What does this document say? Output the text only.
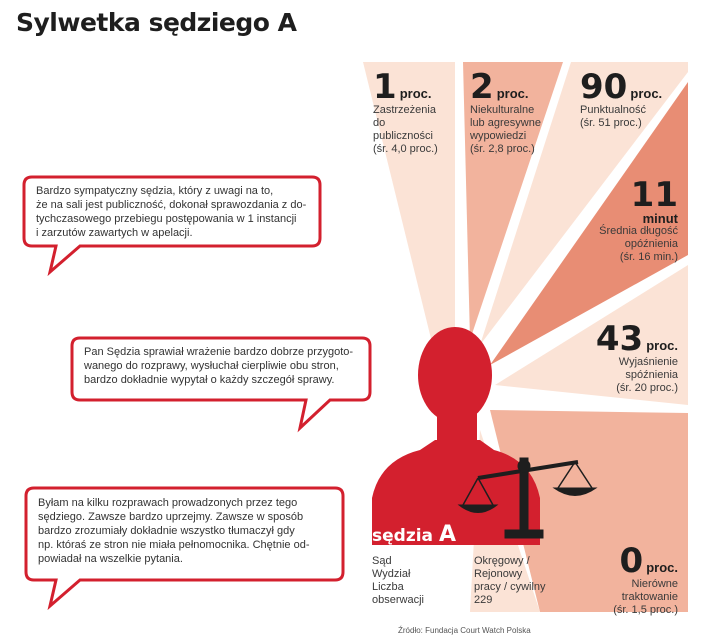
Sylwetka sędziego A
1 proc.
Zastrzeżenia
do
publiczności
(śr. 4,0 proc.)
2 proc.
Niekulturalne
lub agresywne
wypowiedzi
(śr. 2,8 proc.)
90 proc.
Punktualność
(śr. 51 proc.)
11
minut
Średnia długość
opóźnienia
(śr. 16 min.)
43 proc.
Wyjaśnienie
spóźnienia
(śr. 20 proc.)
0 proc.
Nierówne
traktowanie
(śr. 1,5 proc.)
Bardzo sympatyczny sędzia, który z uwagi na to,
że na sali jest publiczność, dokonał sprawozdania z do-
tychczasowego przebiegu postępowania w 1 instancji
i zarzutów zawartych w apelacji.
Pan Sędzia sprawiał wrażenie bardzo dobrze przygoto-
wanego do rozprawy, wysłuchał cierpliwie obu stron,
bardzo dokładnie wypytał o każdy szczegół sprawy.
Byłam na kilku rozprawach prowadzonych przez tego
sędziego. Zawsze bardzo uprzejmy. Zawsze w sposób
bardzo zrozumiały dokładnie wszystko tłumaczył gdy
np. któraś ze stron nie miała pełnomocnika. Chętnie od-
powiadał na wszelkie pytania.
sędzia A
Sąd
Wydział
Liczba
obserwacji
Okręgowy /
Rejonowy
pracy / cywilny
229
Źródło: Fundacja Court Watch Polska
